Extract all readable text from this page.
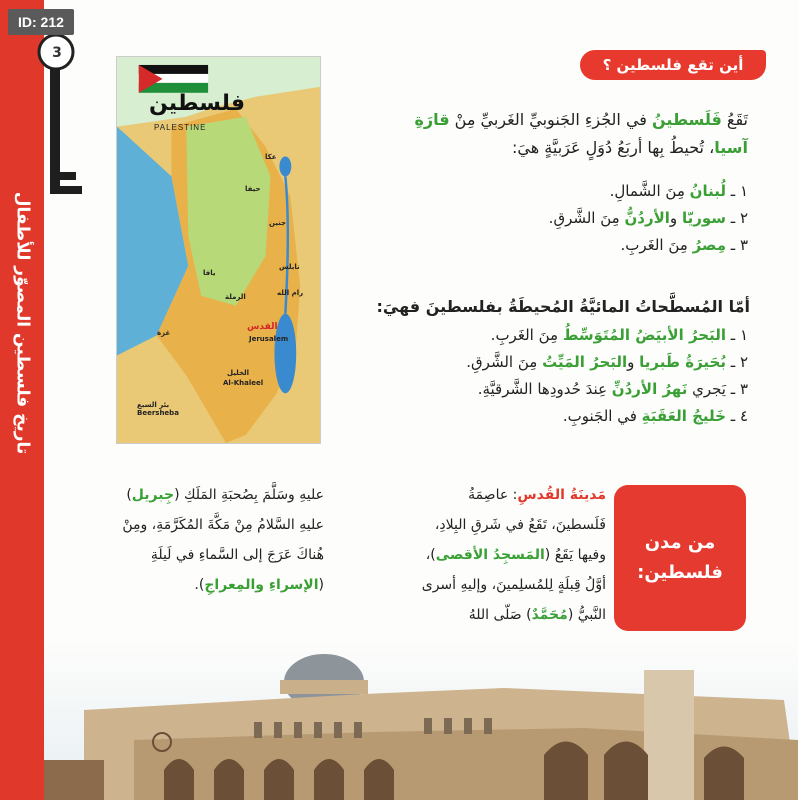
3
تاريخ فلسطين المصوّر للأطفال
ID: 212
أين تقع فلسطين ؟
فلسطين
PALESTINE
عكا
حيفا
جنين
نابلس
يافا
رام الله
الرملة
القدس
Jerusalem
غزة
الخليل
Al-Khaleel
بئر السبع
Beersheba
تَقَعُ فَلَسطينُ في الجُزءِ الجَنوبيِّ الغَربيِّ مِنْ قارَةِ آسيا، تُحيطُ بِها أربَعُ دُوَلٍ عَرَبيَّةٍ هيَ:
١ ـ لُبنانُ مِنَ الشَّمالِ.
٢ ـ سوريّا والأردُنُّ مِنَ الشَّرقِ.
٣ ـ مِصرُ مِنَ الغَربِ.
أمّا المُسطَّحاتُ المائيَّةُ المُحيطَةُ بفلسطينَ فهيَ:
١ ـ البَحرُ الأبيَضُ المُتَوَسِّطُ مِنَ الغَربِ.
٢ ـ بُحَيرَةُ طَبريا والبَحرُ المَيِّتُ مِنَ الشَّرقِ.
٣ ـ يَجري نَهرُ الأردُنِّ عِندَ حُدودِها الشَّرقيَّةِ.
٤ ـ خَليجُ العَقَبَةِ في الجَنوبِ.
من مدن فلسطين:
مَدينَةُ القُدسِ: عاصِمَةُ فَلَسطينَ، تَقَعُ في شَرقِ البِلادِ، وفيها يَقَعُ (المَسجِدُ الأقصى)، أوَّلُ قِبلَةٍ لِلمُسلِمينَ، وإليهِ أسرى النَّبيُّ (مُحَمَّدٌ) صَلّى اللهُ
عليهِ وسَلَّمَ بِصُحبَةِ المَلَكِ (جِبريل) عليهِ السَّلامُ مِنْ مَكَّةَ المُكَرَّمَةِ، ومِنْ هُناكَ عَرَجَ إلى السَّماءِ في لَيلَةِ (الإسراءِ والمِعراجِ).
